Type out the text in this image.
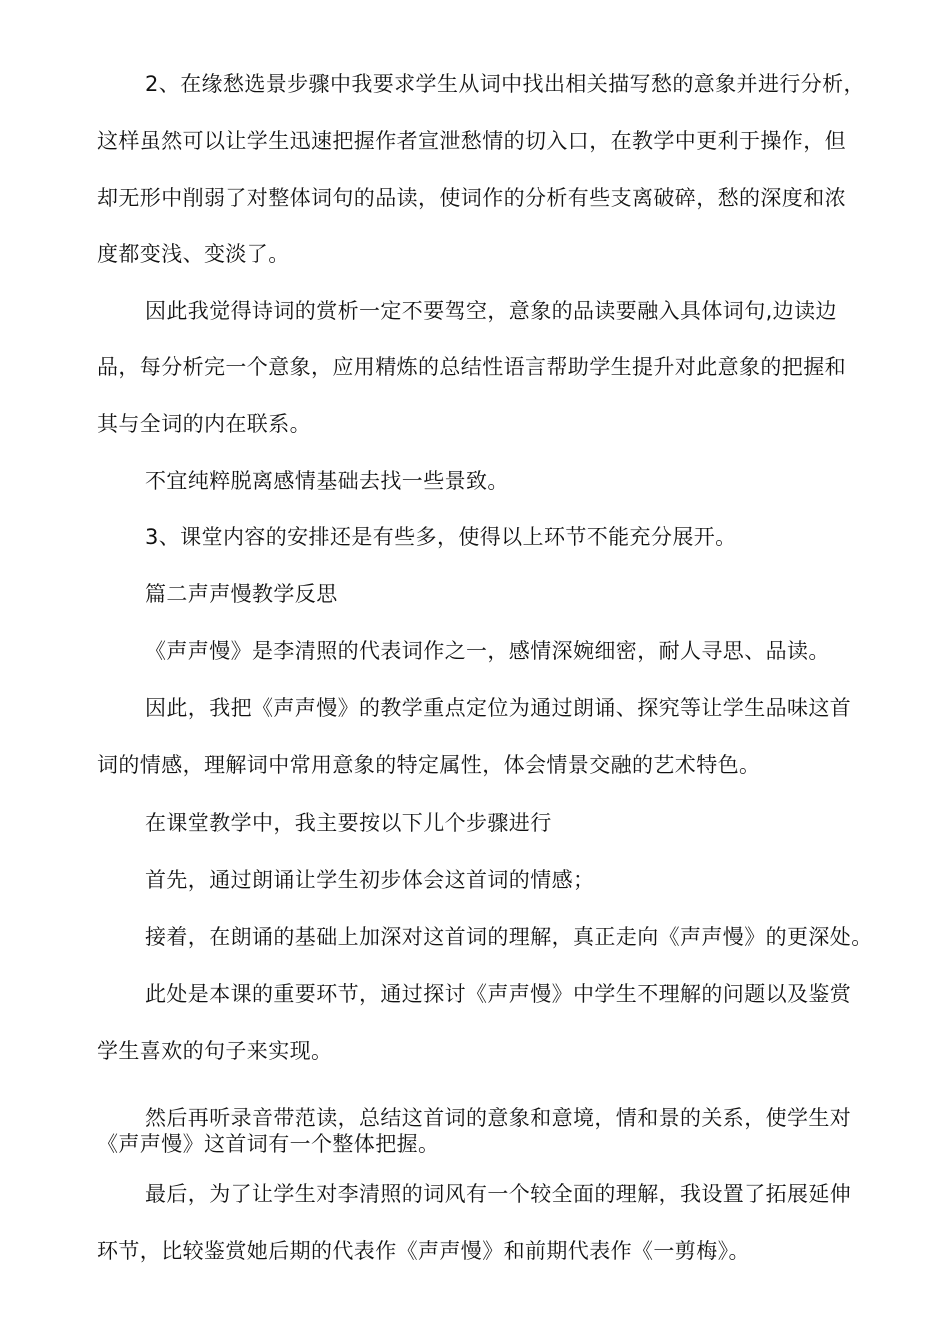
2、在缘愁选景步骤中我要求学生从词中找出相关描写愁的意象并进行分析，
这样虽然可以让学生迅速把握作者宣泄愁情的切入口，在教学中更利于操作，但
却无形中削弱了对整体词句的品读，使词作的分析有些支离破碎，愁的深度和浓
度都变浅、变淡了。
因此我觉得诗词的赏析一定不要驾空，意象的品读要融入具体词句,边读边
品，每分析完一个意象，应用精炼的总结性语言帮助学生提升对此意象的把握和
其与全词的内在联系。
不宜纯粹脱离感情基础去找一些景致。
3、课堂内容的安排还是有些多，使得以上环节不能充分展开。
篇二声声慢教学反思
《声声慢》是李清照的代表词作之一，感情深婉细密，耐人寻思、品读。
因此，我把《声声慢》的教学重点定位为通过朗诵、探究等让学生品味这首
词的情感，理解词中常用意象的特定属性，体会情景交融的艺术特色。
在课堂教学中，我主要按以下儿个步骤进行
首先，通过朗诵让学生初步体会这首词的情感；
接着，在朗诵的基础上加深对这首词的理解，真正走向《声声慢》的更深处。
此处是本课的重要环节，通过探讨《声声慢》中学生不理解的问题以及鉴赏
学生喜欢的句子来实现。
然后再听录音带范读，总结这首词的意象和意境，情和景的关系，使学生对
《声声慢》这首词有一个整体把握。
最后，为了让学生对李清照的词风有一个较全面的理解，我设置了拓展延伸
环节，比较鉴赏她后期的代表作《声声慢》和前期代表作《一剪梅》。
